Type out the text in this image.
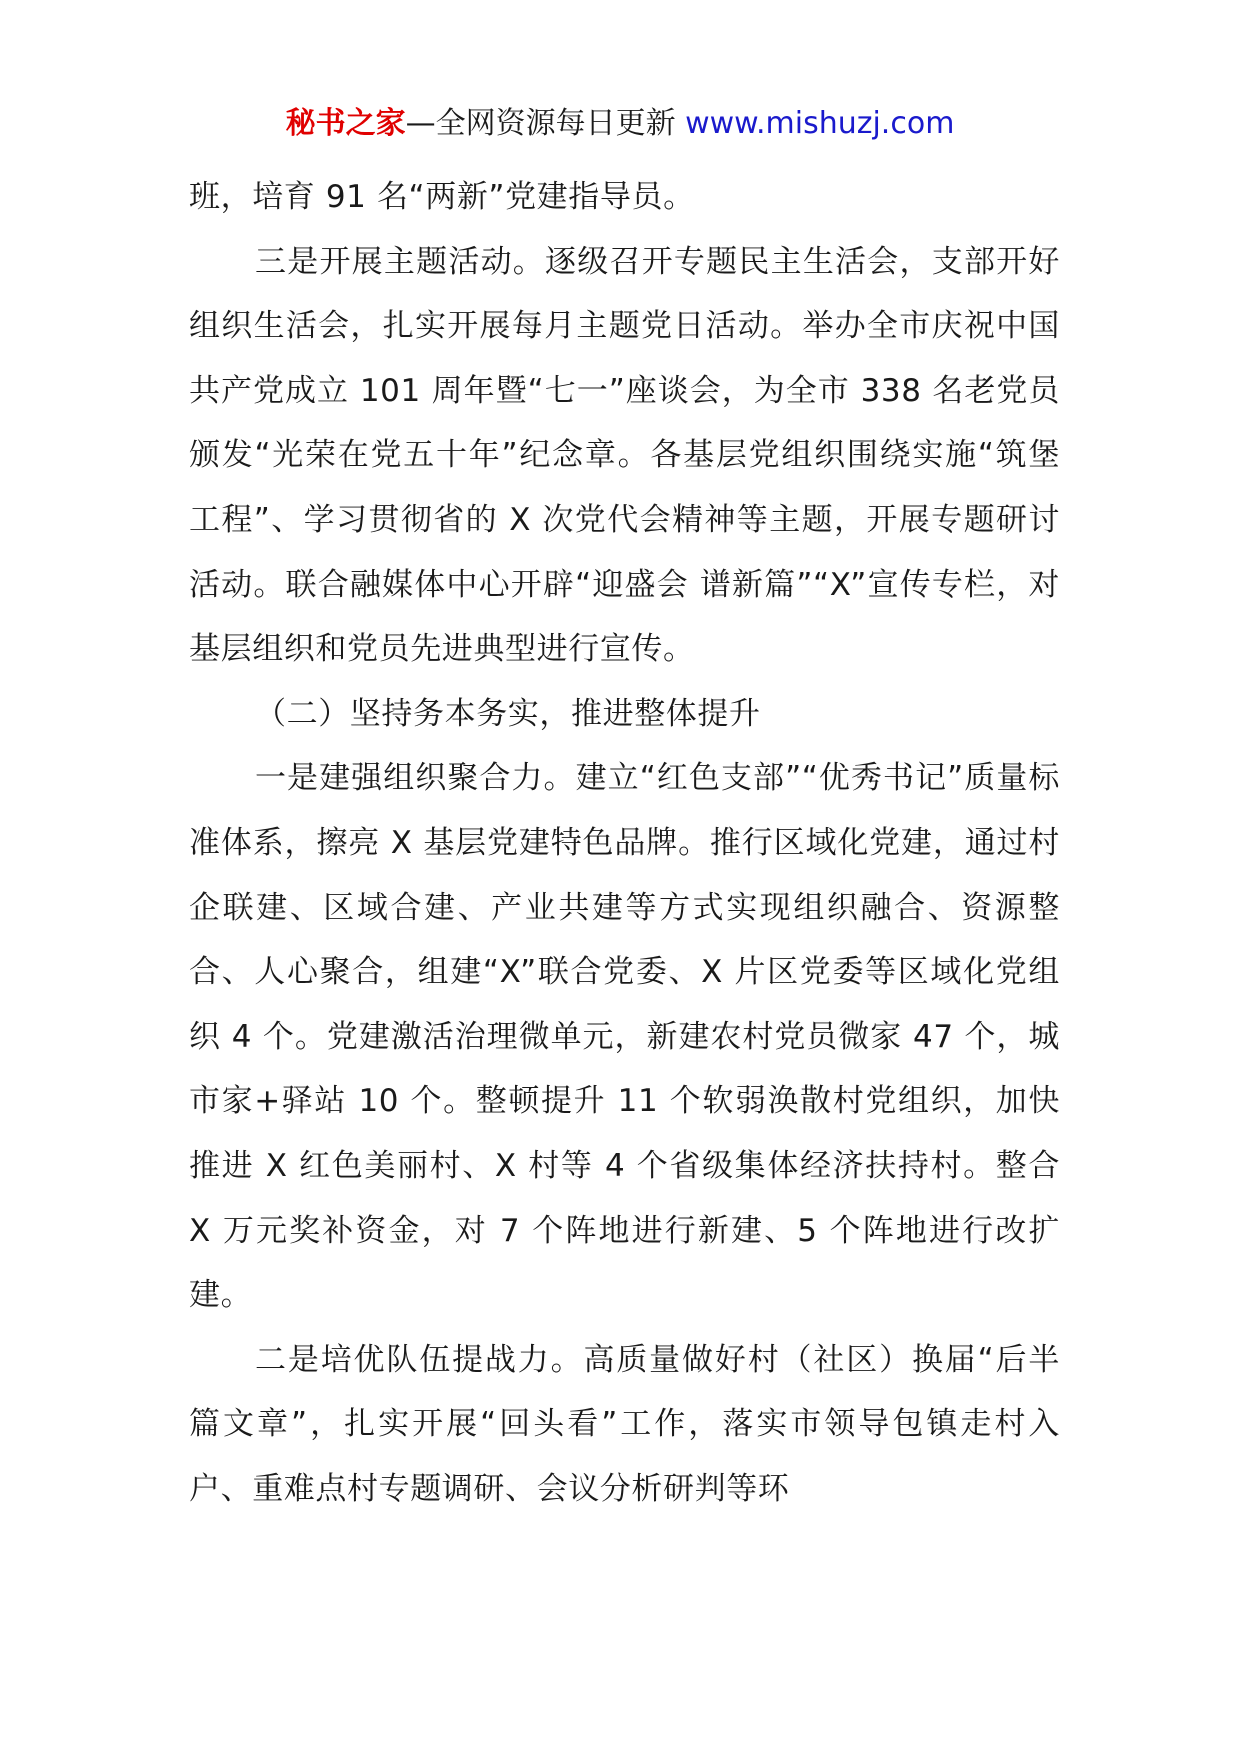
秘书之家—全网资源每日更新 www.mishuzj.com

班，培育 91 名“两新”党建指导员。

三是开展主题活动。逐级召开专题民主生活会，支部开好组织生活会，扎实开展每月主题党日活动。举办全市庆祝中国共产党成立 101 周年暨“七一”座谈会，为全市 338 名老党员颁发“光荣在党五十年”纪念章。各基层党组织围绕实施“筑堡工程”、学习贯彻省的 X 次党代会精神等主题，开展专题研讨活动。联合融媒体中心开辟“迎盛会 谱新篇”“X”宣传专栏，对基层组织和党员先进典型进行宣传。

（二）坚持务本务实，推进整体提升

一是建强组织聚合力。建立“红色支部”“优秀书记”质量标准体系，擦亮 X 基层党建特色品牌。推行区域化党建，通过村企联建、区域合建、产业共建等方式实现组织融合、资源整合、人心聚合，组建“X”联合党委、X 片区党委等区域化党组织 4 个。党建激活治理微单元，新建农村党员微家 47 个，城市家+驿站 10 个。整顿提升 11 个软弱涣散村党组织，加快推进 X 红色美丽村、X 村等 4 个省级集体经济扶持村。整合 X 万元奖补资金，对 7 个阵地进行新建、5 个阵地进行改扩建。

二是培优队伍提战力。高质量做好村（社区）换届“后半篇文章”，扎实开展“回头看”工作，落实市领导包镇走村入户、重难点村专题调研、会议分析研判等环
